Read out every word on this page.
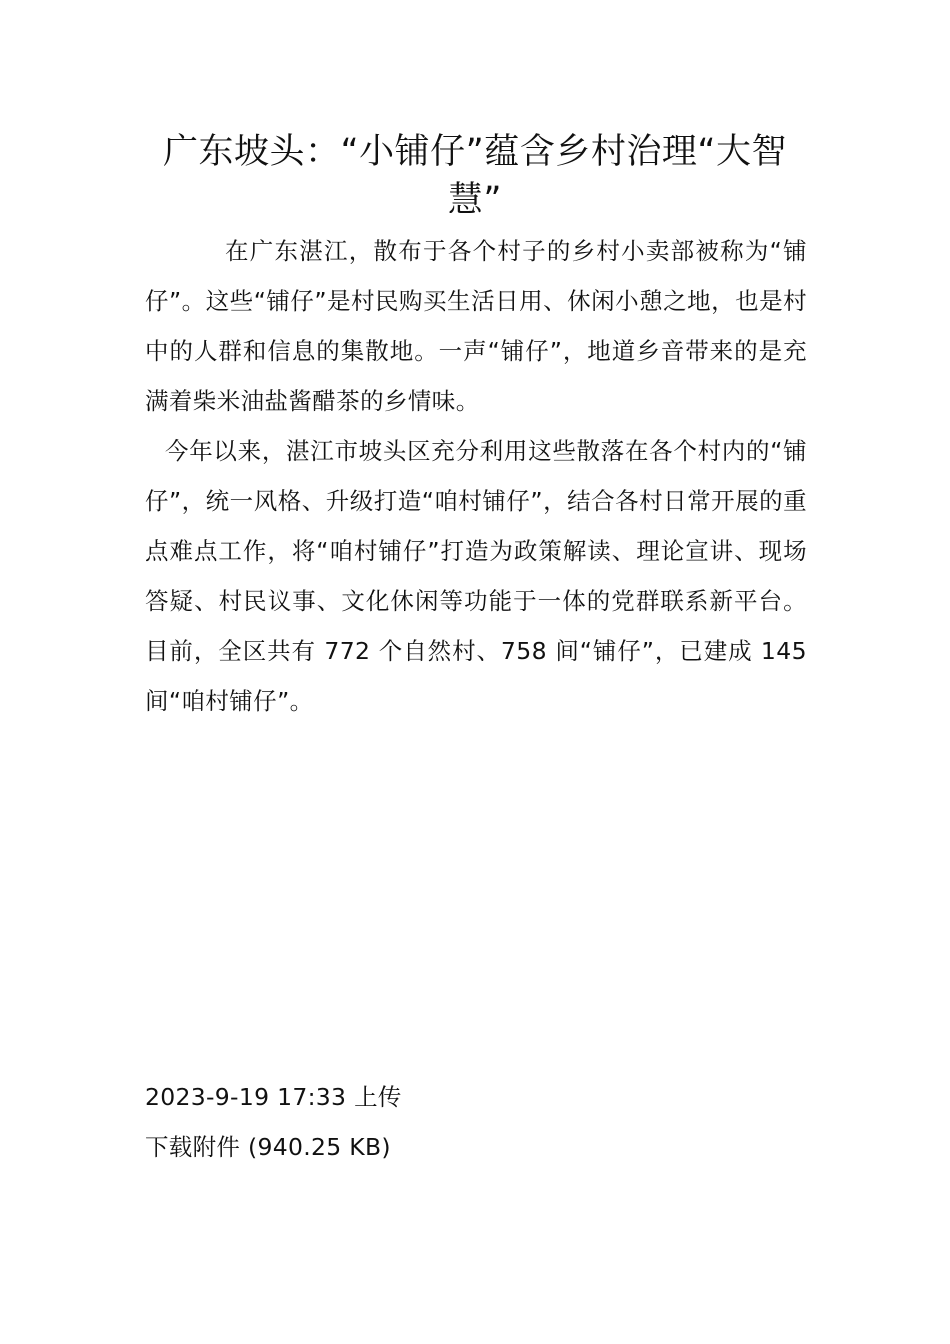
广东坡头：“小铺仔”蕴含乡村治理“大智慧”

在广东湛江，散布于各个村子的乡村小卖部被称为“铺仔”。这些“铺仔”是村民购买生活日用、休闲小憩之地，也是村中的人群和信息的集散地。一声“铺仔”，地道乡音带来的是充满着柴米油盐酱醋茶的乡情味。

今年以来，湛江市坡头区充分利用这些散落在各个村内的“铺仔”，统一风格、升级打造“咱村铺仔”，结合各村日常开展的重点难点工作，将“咱村铺仔”打造为政策解读、理论宣讲、现场答疑、村民议事、文化休闲等功能于一体的党群联系新平台。目前，全区共有 772 个自然村、758 间“铺仔”，已建成 145 间“咱村铺仔”。

2023-9-19 17:33 上传
下载附件 (940.25 KB)
